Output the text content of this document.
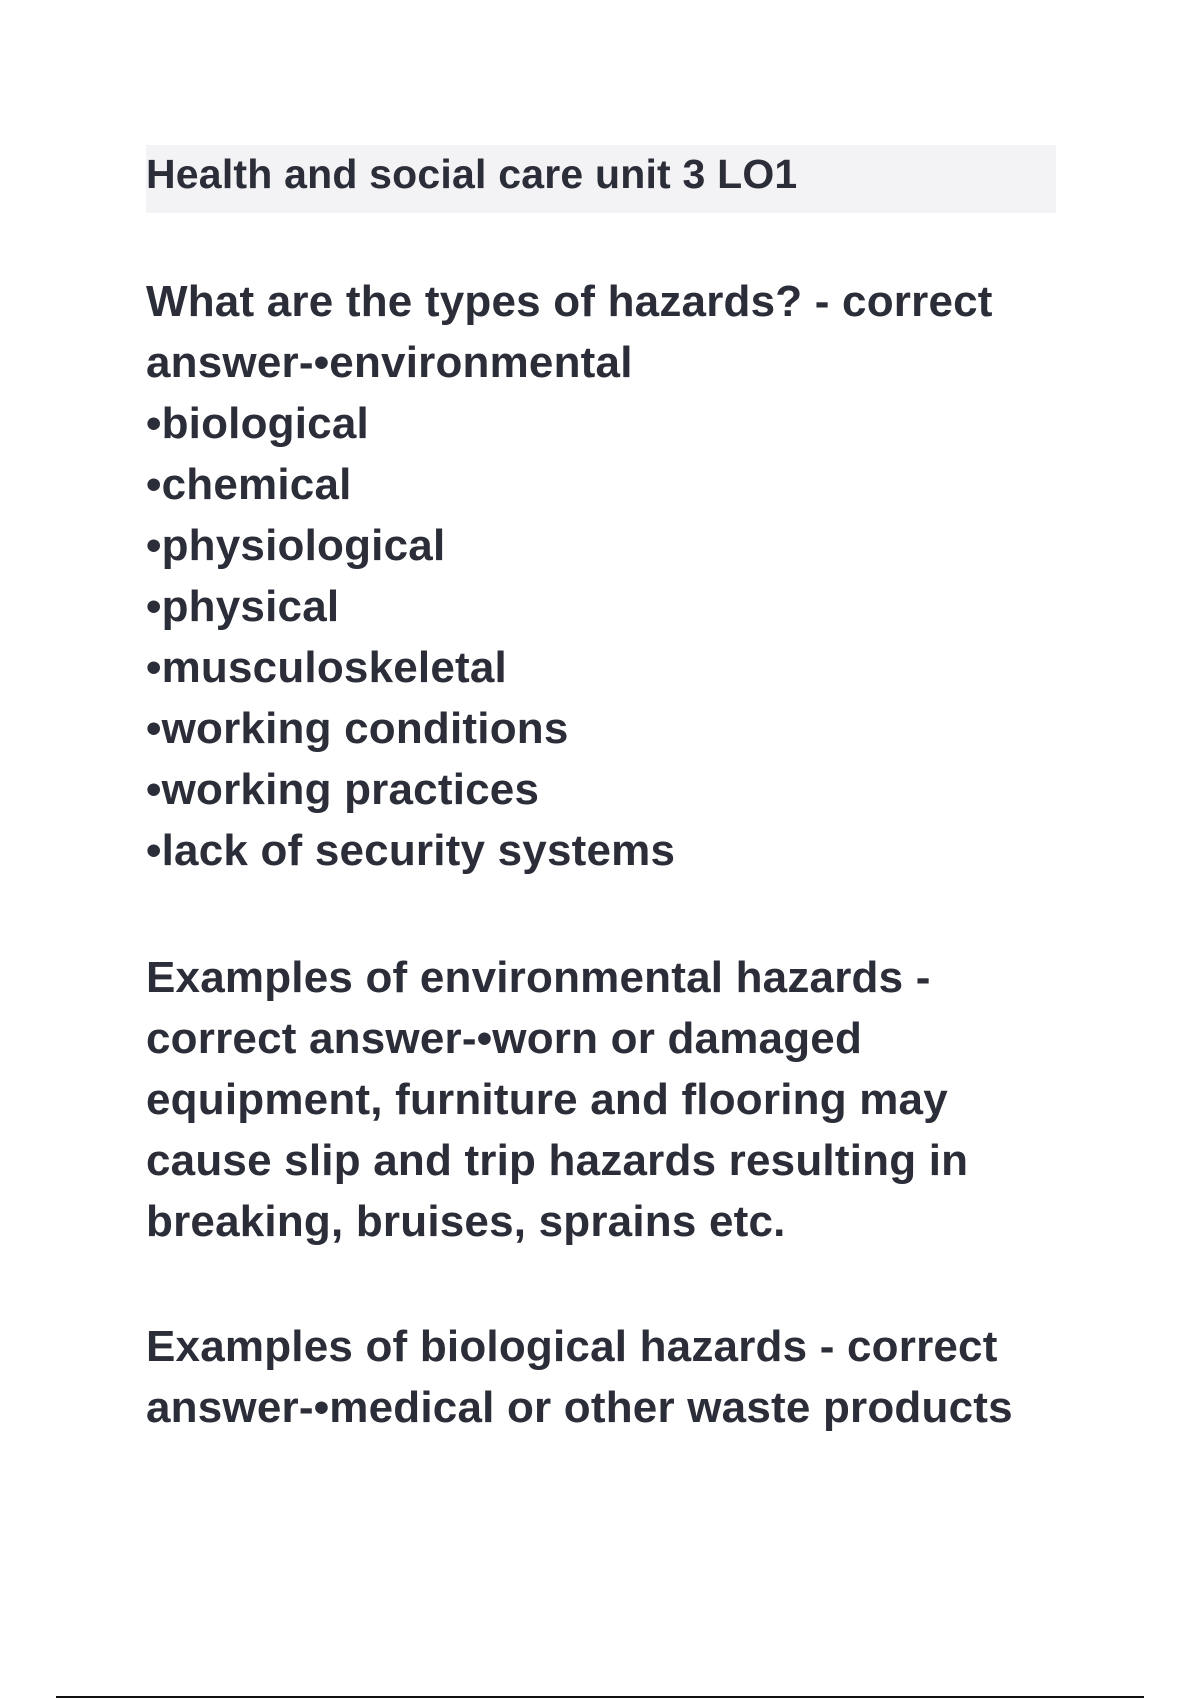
Health and social care unit 3 LO1
What are the types of hazards? - correct
answer-•environmental
•biological
•chemical
•physiological
•physical
•musculoskeletal
•working conditions
•working practices
•lack of security systems
Examples of environmental hazards -
correct answer-•worn or damaged
equipment, furniture and flooring may
cause slip and trip hazards resulting in
breaking, bruises, sprains etc.
Examples of biological hazards - correct
answer-•medical or other waste products
